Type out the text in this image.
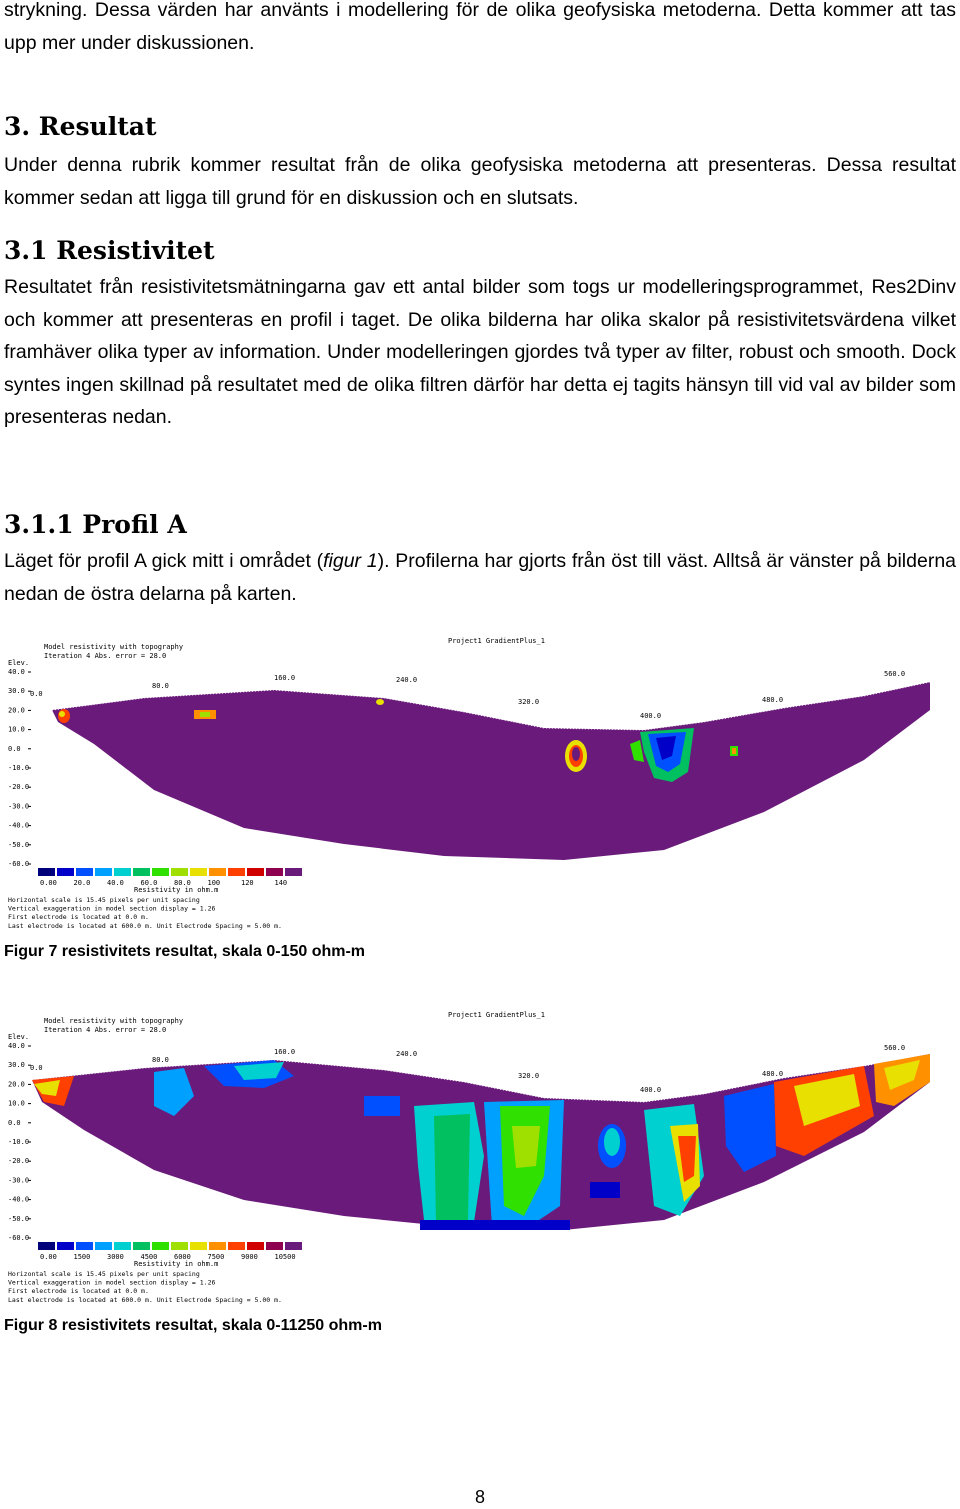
strykning. Dessa värden har använts i modellering för de olika geofysiska metoderna. Detta kommer att tas upp mer under diskussionen.

3. Resultat

Under denna rubrik kommer resultat från de olika geofysiska metoderna att presenteras. Dessa resultat kommer sedan att ligga till grund för en diskussion och en slutsats.

3.1 Resistivitet

Resultatet från resistivitetsmätningarna gav ett antal bilder som togs ur modelleringsprogrammet, Res2Dinv och kommer att presenteras en profil i taget. De olika bilderna har olika skalor på resistivitetsvärdena vilket framhäver olika typer av information. Under modelleringen gjordes två typer av filter, robust och smooth. Dock syntes ingen skillnad på resultatet med de olika filtren därför har detta ej tagits hänsyn till vid val av bilder som presenteras nedan.

3.1.1 Profil A

Läget för profil A gick mitt i området (figur 1). Profilerna har gjorts från öst till väst. Alltså är vänster på bilderna nedan de östra delarna på karten.

Model resistivity with topography
Iteration 4 Abs. error = 28.0
Project1 GradientPlus_1
Elev.
40.0
30.0
20.0
10.0
0.0
-10.0
-20.0
-30.0
-40.0
-50.0
-60.0
0.0
80.0
160.0	240.0
320.0
400.0
480.0
560.0
0.00 20.0 40.0 60.0 80.0 100	120	140
Resistivity in ohm.m
Horizontal scale is 15.45 pixels per unit spacing
Vertical exaggeration in model section display = 1.26
First electrode is located at 0.0 m.
Last electrode is located at 600.0 m. Unit Electrode Spacing = 5.00 m.
Figur 7 resistivitets resultat, skala 0-150 ohm-m
Model resistivity with topography
Iteration 4 Abs. error = 28.0
Project1 GradientPlus_1
Elev.
40.0
30.0
20.0
10.0
0.0
-10.0
-20.0
-30.0
-40.0
-50.0
-60.0
0.0
80.0
160.0	240.0
320.0
400.0
480.0
560.0
0.00 1500 3000 4500 6000 7500 9000 10500
Resistivity in ohm.m
Horizontal scale is 15.45 pixels per unit spacing
Vertical exaggeration in model section display = 1.26
First electrode is located at 0.0 m.
Last electrode is located at 600.0 m. Unit Electrode Spacing = 5.00 m.
Figur 8 resistivitets resultat, skala 0-11250 ohm-m
8
